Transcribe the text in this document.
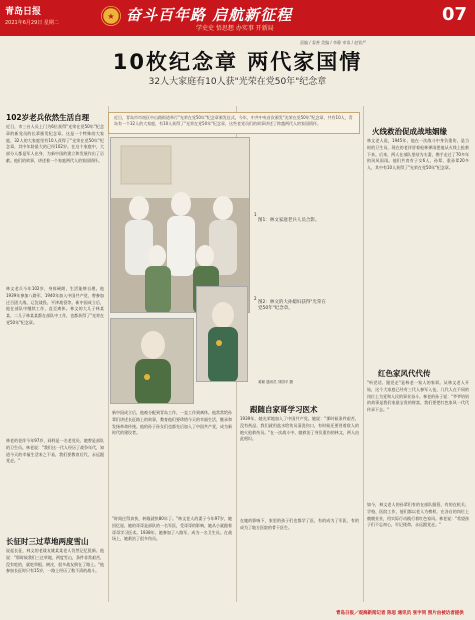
青岛日报
2021年6月29日 星期二
★ 奋斗百年路 启航新征程
学史史 悟思想 办实事 开新局
07
责编 / 姜善 美编 / 李静 审读 / 赵钦严
10枚纪念章 两代家国情
32人大家庭有10人获"光荣在党50年"纪念章
近日，青岛市市南区中山路街道举行"光荣在党50年"纪念章颁发仪式。今年，中共中央首次颁发"光荣在党50年"纪念章，共有10人，青岛有一个32人的大家庭，有10人获得了"光荣在党50年"纪念章，这些老党员们的故事讲述了跨越两代人的家国情怀。
102岁老兵依然生活自理
近日，市三台人员上门为6位获得"光荣在党50年"纪念章的新党员的长辈颁发纪念章。这是一个特殊的大家庭，32人的大家庭里有10人获得了"光荣在党50年"纪念章，其中年龄最大的已经102岁。在这个家庭中，大部分人都是军人出身，为新中国的建立和发展作出了贡献。他们的故事，讲述着一个家庭两代人的家国情怀。
林文老兵今年102岁，身体硬朗，生活能够自理。他1939年参加八路军，1940年加入中国共产党，曾参加过百团大战、辽沈战役、平津战役等。新中国成立后，他在部队中继续工作，直至离休。林文的大儿子林某某、二儿子林某某都在部队中工作，也都获得了"光荣在党50年"纪念章。
林老的老伴今年97岁，同样是一名老党员，她曾是部队的卫生员。林老说："我们这一代人经历了战争年代，知道今天的幸福生活来之不易，我们要教育后代，永远跟党走。"
长征时三过草地两度雪山
说起长征，林文的老战友姚某某老人仍然记忆犹新。他说："那时候我们三过草地，两度雪山，条件非常艰苦，没有吃的，就吃草根、树皮，很多战友倒在了路上。"他参加长征时只有15岁，一路上经历了数不清的战斗。
1
图1：林文家庭老兵人员合影。
2
图2：林文的大孙媳妇获得"光荣在党50年"纪念章。
姜颖 通讯员 刘国平 摄
新中国成立后，他被分配到青岛工作，一直工作到离休。他常常给孙辈们讲述长征路上的故事，教育他们要珍惜今天的幸福生活，继承和发扬革命传统。他的孙子孙女们也都先后加入了中国共产党，成为新时代的建设者。
"时间过得真快，转眼就快80年了。"林文老人的妻子今年97岁，她回忆说，她的哥哥是部队的一名军医，受哥哥的影响，她从小就跟着哥哥学习医术。1938年，她参加了八路军，成为一名卫生员。在战场上，她救治了很多伤员。
跟随自家哥学习医术
1939年，她光荣地加入了中国共产党。她说："那时候条件艰苦，没有药品，我们就用盐水给伤员清洗伤口，有时候还要冒着敌人的炮火抢救伤员。"在一次战斗中，她救治了身负重伤的林文，两人由此相识。
在她的影响下，家里的孩子们也都学了医，有的成为了军医，有的成为了地方医院的骨干医生。
火线救治促成战地姻缘
林文老人说，1945年，他在一次战斗中身负重伤，是当时的卫生员、现在的老伴冒着枪林弹雨把他从火线上抢救下来。后来，两人在部队里结为夫妻，携手走过了70多年的风风雨雨。他们共育有子女6人，孙辈、重孙辈20多人，其中有10人获得了"光荣在党50年"纪念章。
红色家风代代传
"听党话、跟党走"是林老一家人的家训。从林文老人开始，这个大家庭已经有三代人参军入伍，几代人在不同的岗位上为党和人民的事业奋斗。林老的孙子说："爷爷奶奶的故事是我们家最宝贵的财富，我们要把红色家风一代代传承下去。"
如今，林文老人的孙辈们有的在部队服役，有的在机关、学校、医院工作，他们都以老人为榜样，在各自的岗位上兢兢业业，用实际行动践行着红色家风。林老说："希望孩子们不忘初心，牢记使命，永远跟党走。"
青岛日报／观海新闻记者 陈思 通讯员 张宇同 照片由被访者提供
